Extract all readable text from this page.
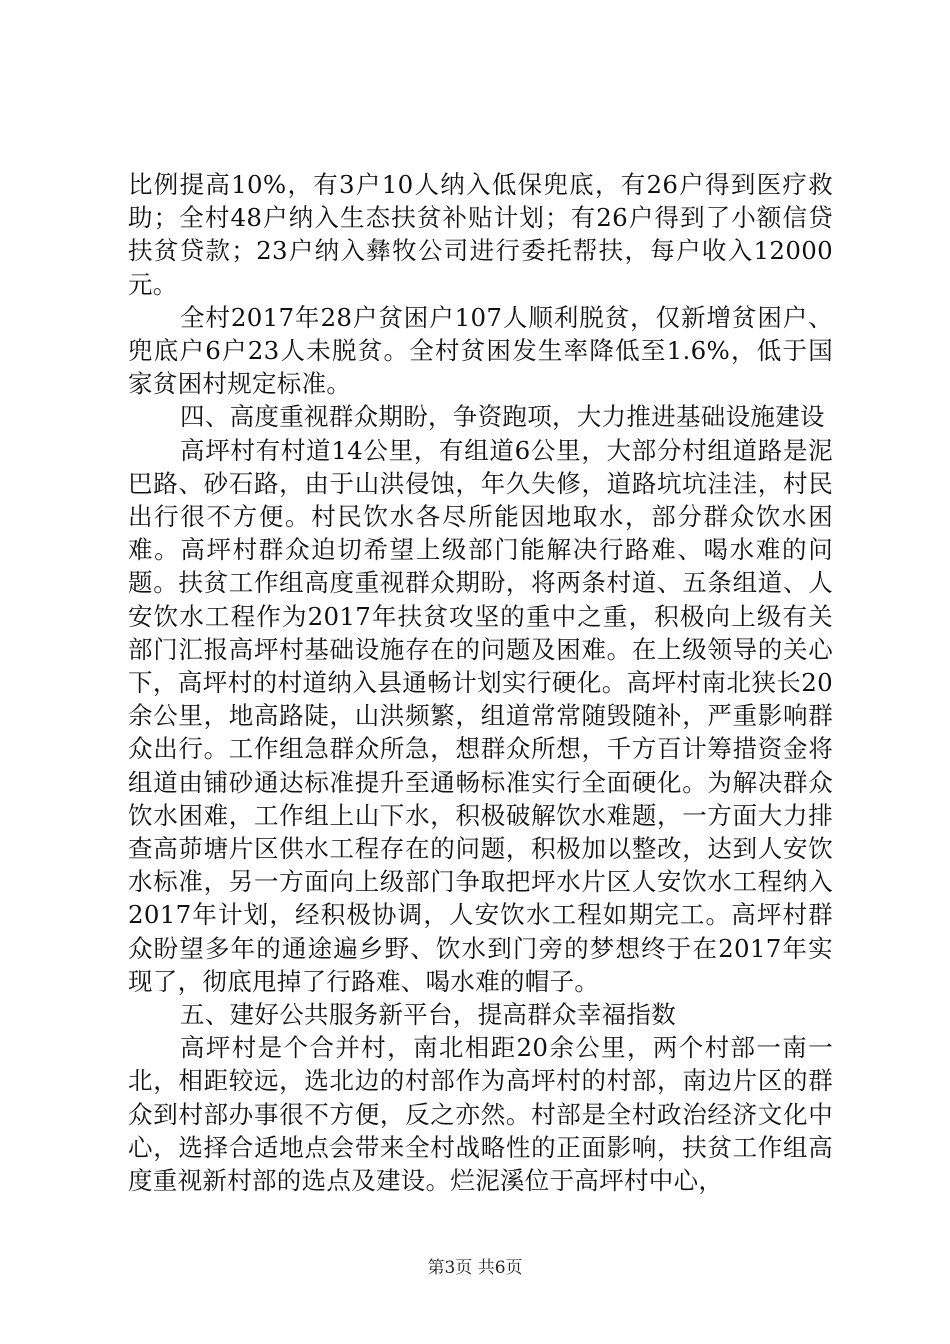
比例提高10%，有3户10人纳入低保兜底，有26户得到医疗救助；全村48户纳入生态扶贫补贴计划；有26户得到了小额信贷扶贫贷款；23户纳入彝牧公司进行委托帮扶，每户收入12000元。

全村2017年28户贫困户107人顺利脱贫，仅新增贫困户、兜底户6户23人未脱贫。全村贫困发生率降低至1.6%，低于国家贫困村规定标准。

四、高度重视群众期盼，争资跑项，大力推进基础设施建设

高坪村有村道14公里，有组道6公里，大部分村组道路是泥巴路、砂石路，由于山洪侵蚀，年久失修，道路坑坑洼洼，村民出行很不方便。村民饮水各尽所能因地取水，部分群众饮水困难。高坪村群众迫切希望上级部门能解决行路难、喝水难的问题。扶贫工作组高度重视群众期盼，将两条村道、五条组道、人安饮水工程作为2017年扶贫攻坚的重中之重，积极向上级有关部门汇报高坪村基础设施存在的问题及困难。在上级领导的关心下，高坪村的村道纳入县通畅计划实行硬化。高坪村南北狭长20余公里，地高路陡，山洪频繁，组道常常随毁随补，严重影响群众出行。工作组急群众所急，想群众所想，千方百计筹措资金将组道由铺砂通达标准提升至通畅标准实行全面硬化。为解决群众饮水困难，工作组上山下水，积极破解饮水难题，一方面大力排查高茆塘片区供水工程存在的问题，积极加以整改，达到人安饮水标准，另一方面向上级部门争取把坪水片区人安饮水工程纳入2017年计划，经积极协调，人安饮水工程如期完工。高坪村群众盼望多年的通途遍乡野、饮水到门旁的梦想终于在2017年实现了，彻底甩掉了行路难、喝水难的帽子。

五、建好公共服务新平台，提高群众幸福指数

高坪村是个合并村，南北相距20余公里，两个村部一南一北，相距较远，选北边的村部作为高坪村的村部，南边片区的群众到村部办事很不方便，反之亦然。村部是全村政治经济文化中心，选择合适地点会带来全村战略性的正面影响，扶贫工作组高度重视新村部的选点及建设。烂泥溪位于高坪村中心，

第3页 共6页
